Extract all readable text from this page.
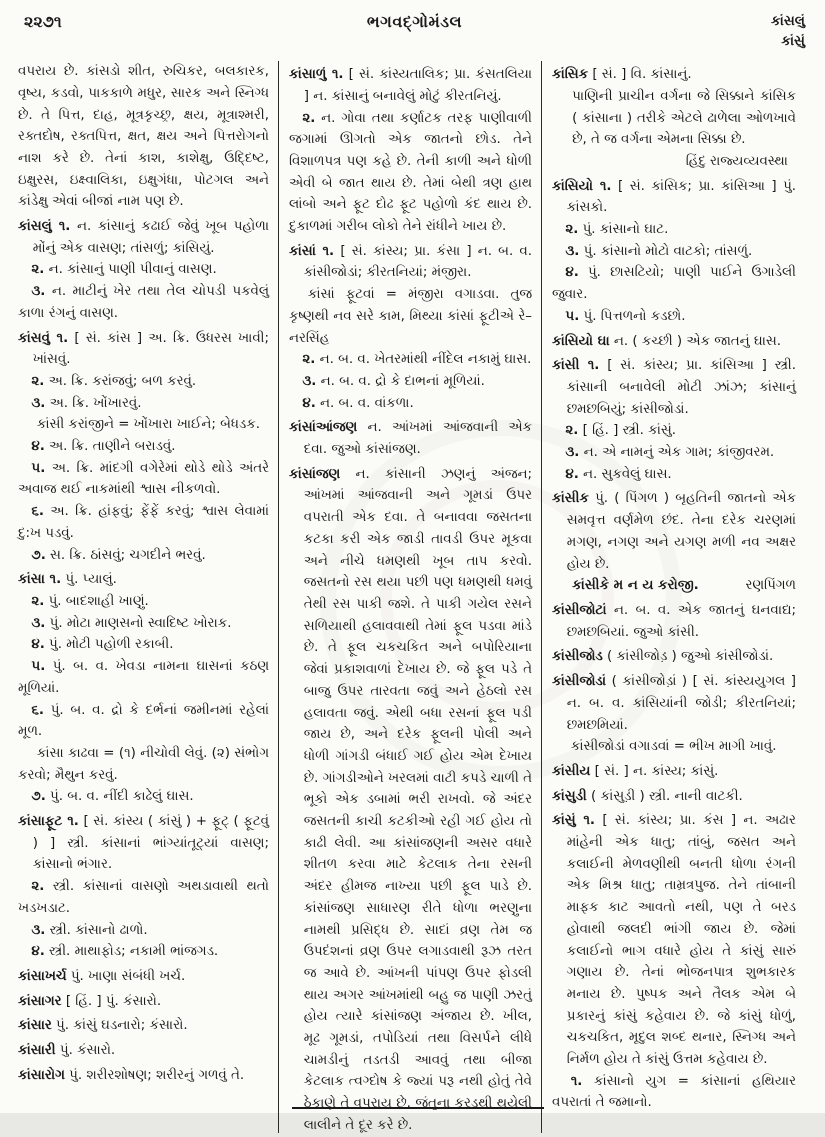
૨૨૭૧	ભગવદ્‌ગોમંડલ	કાંસલું
કાંસું

વપરાય છે. કાંસડો શીત, રુચિકર, બલકારક, વૃષ્ય, કડવો, પાકકાળે મધુર, સારક અને સ્નિગ્ધ છે. તે પિત્ત, દાહ, મૂત્રકૃચ્છ્ર, ક્ષય, મૂત્રાશ્મરી, રક્તદોષ, રક્તપિત્ત, ક્ષત, ક્ષય અને પિત્તરોગનો નાશ કરે છે. તેનાં કાશ, કાશેક્ષુ, ઉદ્દિષ્ટ, ઇક્ષુરસ, ઇક્ષ્વાલિકા, ઇક્ષુગંધા, પોટગલ અને કાંડેક્ષુ એવાં બીજાં નામ પણ છે.

કાંસલું ૧. ન. કાંસાનું કઢાઈ જેવું ખૂબ પહોળા મોંનું એક વાસણ; તાંસળું; કાંસિયું.

૨. ન. કાંસાનું પાણી પીવાનું વાસણ.

૩. ન. માટીનું ખેર તથા તેલ ચોપડી પકવેલું કાળા રંગનું વાસણ.

કાંસવું ૧. [ સં. કાંસ ] અ. ક્રિ. ઉધરસ ખાવી; ખાંસવું.

૨. અ. ક્રિ. કરાંજવું; બળ કરવું.

૩. અ. ક્રિ. ખોંખારવું.

કાંસી કરાંજીને = ખોંખારા ખાઈને; બેધડક.

૪. અ. ક્રિ. તાણીને બરાડવું.

૫. અ. ક્રિ. માંદગી વગેરેમાં થોડે થોડે અંતરે અવાજ થઈ નાકમાંથી શ્વાસ નીકળવો.

૬. અ. ક્રિ. હાંફવું; ફેંફેં કરવું; શ્વાસ લેવામાં દુ:ખ પડવું.

૭. સ. ક્રિ. ઠાંસવું; ચગદીને ભરવું.

કાંસા ૧. પું. પ્યાલું.

૨. પું. બાદશાહી ખાણું.

૩. પું. મોટા માણસનો સ્વાદિષ્ટ ખોરાક.

૪. પું. મોટી પહોળી રકાબી.

૫. પું. બ. વ. ખેવડા નામના ઘાસનાં કઠણ મૂળિયાં.

૬. પું. બ. વ. દ્રો કે દર્ભનાં જમીનમાં રહેલાં મૂળ.

કાંસા કાઢવા = (૧) નીચોવી લેવું. (૨) સંભોગ કરવો; મૈથુન કરવું.

૭. પું. બ. વ. નીંદી કાઢેલું ઘાસ.

કાંસાફૂટ ૧. [ સં. કાંસ્ય ( કાંસું ) + ફૂટ્ ( ફૂટવું ) ] સ્ત્રી. કાંસાનાં ભાંગ્યાંતૂટ્યાં વાસણ; કાંસાનો ભંગાર.

૨. સ્ત્રી. કાંસાનાં વાસણો અથડાવાથી થતો ખડખડાટ.

૩. સ્ત્રી. કાંસાનો ઢાળો.

૪. સ્ત્રી. માથાફોડ; નકામી ભાંજગડ.

કાંસાખર્ચ પું. ખાણા સંબંધી ખર્ચ.

કાંસાગર [ હિં. ] પું. કંસારો.

કાંસાર પું. કાંસું ઘડનારો; કંસારો.

કાંસારી પું. કંસારો.

કાંસારોગ પું. શરીરશોષણ; શરીરનું ગળવું તે.

કાંસાળું ૧. [ સં. કાંસ્યતાલિક; પ્રા. કંસતલિયા ] ન. કાંસાનું બનાવેલું મોટું કીરતનિયું.

૨. ન. ગોવા તથા કર્ણાટક તરફ પાણીવાળી જગામાં ઊગતો એક જાતનો છોડ. તેને વિશાળપત્ર પણ કહે છે. તેની કાળી અને ધોળી એવી બે જાત થાય છે. તેમાં બેથી ત્રણ હાથ લાંબો અને ફૂટ દોઢ ફૂટ પહોળો કંદ થાય છે. દુકાળમાં ગરીબ લોકો તેને રાંધીને ખાય છે.

કાંસાં ૧. [ સં. કાંસ્ય; પ્રા. કંસા ] ન. બ. વ. કાંસીજોડાં; કીરતનિયાં; મંજીરા.

કાંસાં ફૂટવાં = મંજીરા વગાડવા. તુજ કૃષ્ણથી નવ સરે કામ, મિથ્યા કાંસાં ફૂટીએ રે–નરસિંહ

૨. ન. બ. વ. ખેતરમાંથી નીંદેલ નકામું ઘાસ.

૩. ન. બ. વ. દ્રો કે દાભનાં મૂળિયાં.

૪. ન. બ. વ. વાંકળા.

કાંસાંઆંજણ ન. આંખમાં આંજવાની એક દવા. જુઓ કાંસાંજણ.

કાંસાંજણ ન. કાંસાની ઝણનું અંજન; આંખમાં આંજવાની અને ગૂમડાં ઉપર વપરાતી એક દવા. તે બનાવવા જસતના કટકા કરી એક જાડી તાવડી ઉપર મૂકવા અને નીચે ધમણથી ખૂબ તાપ કરવો. જસતનો રસ થયા પછી પણ ધમણથી ધમવું તેથી રસ પાકી જશે. તે પાકી ગયેલ રસને સળિયાથી હલાવવાથી તેમાં ફૂલ પડવા માંડે છે. તે ફૂલ ચકચકિત અને બપોરિયાના જેવાં પ્રકાશવાળાં દેખાય છે. જે ફૂલ પડે તે બાજુ ઉપર તારવતા જવું અને હેઠલો રસ હલાવતા જવું. એથી બધા રસનાં ફૂલ પડી જાય છે, અને દરેક ફૂલની પોલી અને ધોળી ગાંગડી બંધાઈ ગઈ હોય એમ દેખાય છે. ગાંગડીઓને ખરલમાં વાટી કપડે ચાળી તે ભૂકો એક ડબામાં ભરી રાખવો. જે અંદર જસતની કાચી કટકીઓ રહી ગઈ હોય તો કાઢી લેવી. આ કાંસાંજણની અસર વધારે શીતળ કરવા માટે કેટલાક તેના રસની અંદર હીમજ નાખ્યા પછી ફૂલ પાડે છે. કાંસાંજણ સાધારણ રીતે ધોળા ભરણુના નામથી પ્રસિદ્ધ છે. સાદાં વ્રણ તેમ જ ઉપદંશનાં વ્રણ ઉપર લગાડવાથી રૂઝ તરત જ આવે છે. આંખની પાંપણ ઉપર ફોડલી થાય અગર આંખમાંથી બહુ જ પાણી ઝરતું હોય ત્યારે કાંસાંજણ અંજાય છે. ખીલ, મૂઢ ગૂમડાં, તપોડિયાં તથા વિસર્પને લીધે ચામડીનું તડતડી આવવું તથા બીજા કેટલાક ત્વગ્દોષ કે જ્યાં પરૂ નથી હોતું તેવે ઠેકાણે તે વપરાય છે. જંતુના કરડથી થયેલી લાલીને તે દૂર કરે છે.

કાંસિક [ સં. ] વિ. કાંસાનું.

પાણિની પ્રાચીન વર્ગના જે સિક્કાને કાંસિક ( કાંસાના ) તરીકે એટલે ઢાળેલા ઓળખાવે છે, તે જ વર્ગના એમના સિક્કા છે.

હિંદુ રાજ્યવ્યવસ્થા

કાંસિયો ૧. [ સં. કાંસિક; પ્રા. કાંસિઆ ] પું. કાંસકો.

૨. પું. કાંસાનો ઘાટ.

૩. પું. કાંસાનો મોટો વાટકો; તાંસળું.

૪. પું. છાસટિયો; પાણી પાઈને ઉગાડેલી જુવાર.

૫. પું. પિત્તળનો કડછો.

કાંસિયો ઘા ન. ( કચ્છી ) એક જાતનું ઘાસ.

કાંસી ૧. [ સં. કાંસ્ય; પ્રા. કાંસિઆ ] સ્ત્રી. કાંસાની બનાવેલી મોટી ઝાંઝ; કાંસાનું છમછબિયું; કાંસીજોડાં.

૨. [ હિં. ] સ્ત્રી. કાંસું.

૩. ન. એ નામનું એક ગામ; કાંજીવરમ.

૪. ન. સુકવેલું ઘાસ.

કાંસીક પું. ( પિંગળ ) બૃહતિની જાતનો એક સમવૃત્ત વર્ણમેળ છંદ. તેના દરેક ચરણમાં મગણ, નગણ અને યગણ મળી નવ અક્ષર હોય છે.

કાંસીકે મ ન ય કરોજી.	રણપિંગળ

કાંસીજોટાં ન. બ. વ. એક જાતનું ઘનવાદ્ય; છમછબિયાં. જુઓ કાંસી.

કાંસીજોડ ( કાંસીજોડ઼ ) જુઓ કાંસીજોડાં.

કાંસીજોડાં ( કાંસીજોડ઼ાં ) [ સં. કાંસ્યયુગલ ] ન. બ. વ. કાંસિયાંની જોડી; કીરતનિયાં; છમછમિયાં.

કાંસીજોડાં વગાડવાં = ભીખ માગી ખાવું.

કાંસીય [ સં. ] ન. કાંસ્ય; કાંસું.

કાંસુડી ( કાંસુડ઼ી ) સ્ત્રી. નાની વાટકી.

કાંસું ૧. [ સં. કાંસ્ય; પ્રા. કંસ ] ન. અઢાર માંહેની એક ધાતુ; તાંબું, જસત અને કલાઈની મેળવણીથી બનતી ધોળા રંગની એક મિશ્ર ધાતુ; તામ્રત્રપુજ. તેને તાંબાની માફક કાટ આવતો નથી, પણ તે બરડ હોવાથી જલદી ભાંગી જાય છે. જેમાં કલાઈનો ભાગ વધારે હોય તે કાંસું સારું ગણાય છે. તેનાં ભોજનપાત્ર શુભકારક મનાય છે. પુષ્પક અને તૈલક એમ બે પ્રકારનું કાંસું કહેવાય છે. જે કાંસું ધોળું, ચકચકિત, મૃદુલ શબ્દ થનાર, સ્નિગ્ધ અને નિર્મળ હોય તે કાંસું ઉત્તમ કહેવાય છે.

૧. કાંસાનો યુગ = કાંસાનાં હથિયાર વપરાતાં તે જમાનો.
